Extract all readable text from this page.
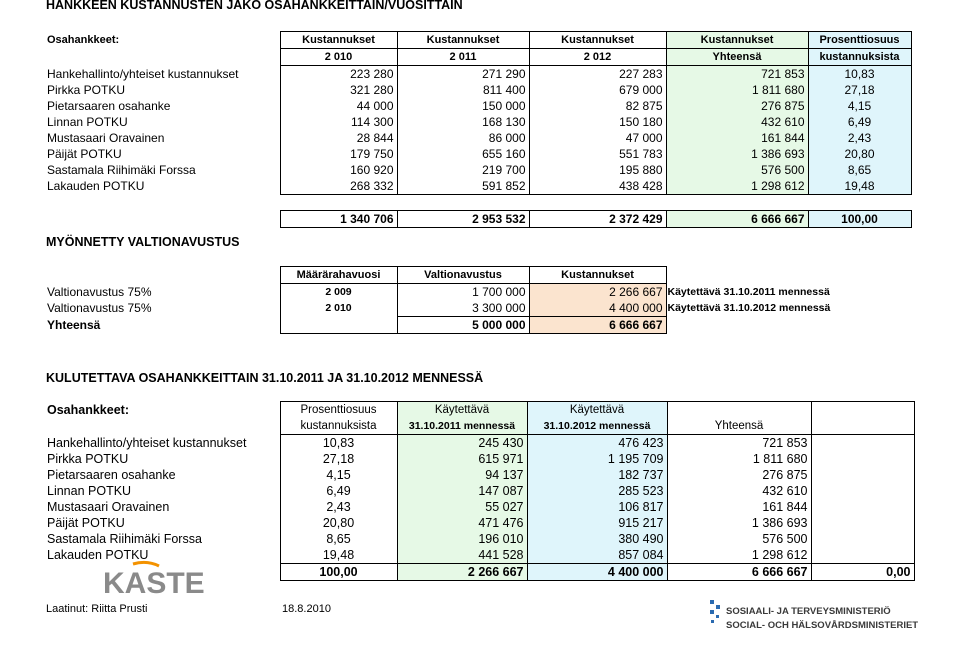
HANKKEEN KUSTANNUSTEN JAKO OSAHANKKEITTAIN/VUOSITTAIN
Osahankkeet:	Kustannukset	Kustannukset	Kustannukset	Kustannukset	Prosenttiosuus
	2 010	2 011	2 012	Yhteensä	kustannuksista
Hankehallinto/yhteiset kustannukset	223 280	271 290	227 283	721 853	10,83
Pirkka POTKU	321 280	811 400	679 000	1 811 680	27,18
Pietarsaaren osahanke	44 000	150 000	82 875	276 875	4,15
Linnan POTKU	114 300	168 130	150 180	432 610	6,49
Mustasaari Oravainen	28 844	86 000	47 000	161 844	2,43
Päijät POTKU	179 750	655 160	551 783	1 386 693	20,80
Sastamala Riihimäki Forssa	160 920	219 700	195 880	576 500	8,65
Lakauden POTKU	268 332	591 852	438 428	1 298 612	19,48

	1 340 706	2 953 532	2 372 429	6 666 667	100,00
MYÖNNETTY VALTIONAVUSTUS
	Määrärahavuosi	Valtionavustus	Kustannukset	
Valtionavustus 75%	2 009	1 700 000	2 266 667	Käytettävä 31.10.2011 mennessä
Valtionavustus 75%	2 010	3 300 000	4 400 000	Käytettävä 31.10.2012 mennessä
Yhteensä		5 000 000	6 666 667	
KULUTETTAVA OSAHANKKEITTAIN 31.10.2011 JA 31.10.2012 MENNESSÄ
Osahankkeet:	Prosenttiosuus	Käytettävä	Käytettävä		
	kustannuksista	31.10.2011 mennessä	31.10.2012 mennessä	Yhteensä	
Hankehallinto/yhteiset kustannukset	10,83	245 430	476 423	721 853	
Pirkka POTKU	27,18	615 971	1 195 709	1 811 680	
Pietarsaaren osahanke	4,15	94 137	182 737	276 875	
Linnan POTKU	6,49	147 087	285 523	432 610	
Mustasaari Oravainen	2,43	55 027	106 817	161 844	
Päijät POTKU	20,80	471 476	915 217	1 386 693	
Sastamala Riihimäki Forssa	8,65	196 010	380 490	576 500	
Lakauden POTKU	19,48	441 528	857 084	1 298 612	
	100,00	2 266 667	4 400 000	6 666 667	0,00
KASTE
Laatinut: Riitta Prusti	18.8.2010	SOSIAALI- JA TERVEYSMINISTERIÖ
SOCIAL- OCH HÄLSOVÅRDSMINISTERIET
